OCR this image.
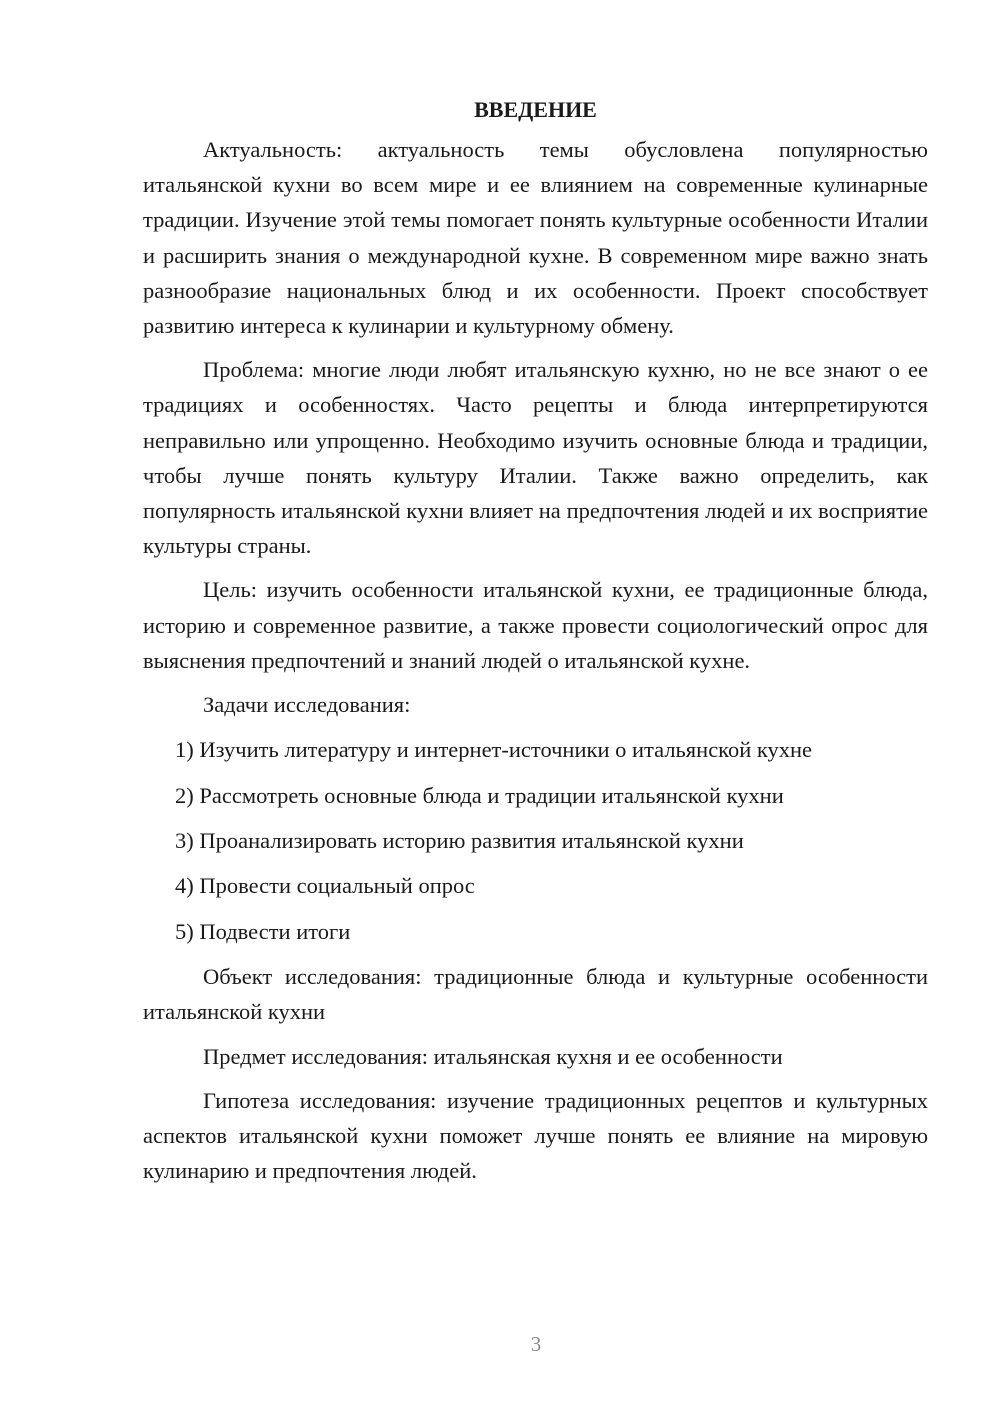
ВВЕДЕНИЕ

Актуальность: актуальность темы обусловлена популярностью итальянской кухни во всем мире и ее влиянием на современные кулинарные традиции. Изучение этой темы помогает понять культурные особенности Италии и расширить знания о международной кухне. В современном мире важно знать разнообразие национальных блюд и их особенности. Проект способствует развитию интереса к кулинарии и культурному обмену.

Проблема: многие люди любят итальянскую кухню, но не все знают о ее традициях и особенностях. Часто рецепты и блюда интерпретируются неправильно или упрощенно. Необходимо изучить основные блюда и традиции, чтобы лучше понять культуру Италии. Также важно определить, как популярность итальянской кухни влияет на предпочтения людей и их восприятие культуры страны.

Цель: изучить особенности итальянской кухни, ее традиционные блюда, историю и современное развитие, а также провести социологический опрос для выяснения предпочтений и знаний людей о итальянской кухне.

Задачи исследования:

1) Изучить литературу и интернет-источники о итальянской кухне
2) Рассмотреть основные блюда и традиции итальянской кухни
3) Проанализировать историю развития итальянской кухни
4) Провести социальный опрос
5) Подвести итоги

Объект исследования: традиционные блюда и культурные особенности итальянской кухни

Предмет исследования: итальянская кухня и ее особенности

Гипотеза исследования: изучение традиционных рецептов и культурных аспектов итальянской кухни поможет лучше понять ее влияние на мировую кулинарию и предпочтения людей.

3
